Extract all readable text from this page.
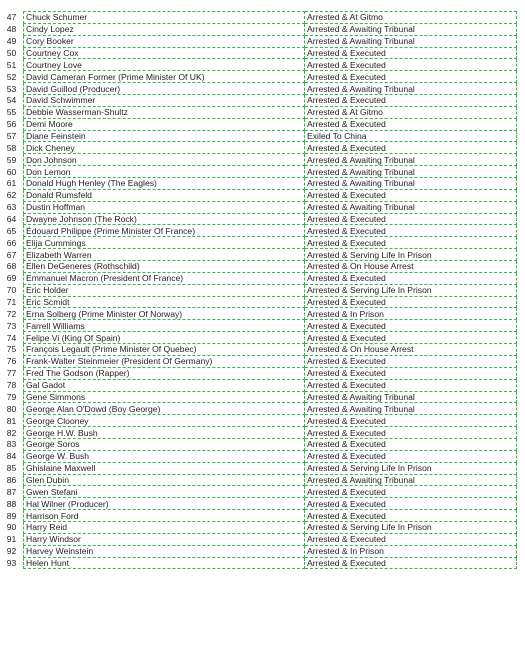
47	Chuck Schumer	Arrested & At Gitmo
48	Cindy Lopez	Arrested & Awaiting Tribunal
49	Cory Booker	Arrested & Awaiting Tribunal
50	Courtney Cox	Arrested & Executed
51	Courtney Love	Arrested & Executed
52	David Cameran Former (Prime Minister Of UK)	Arrested & Executed
53	David Guillod (Producer)	Arrested & Awaiting Tribunal
54	David Schwimmer	Arrested & Executed
55	Debbie Wasserman-Shultz	Arrested & At Gitmo
56	Demi Moore	Arrested & Executed
57	Diane Feinstein	Exiled To China
58	Dick Cheney	Arrested & Executed
59	Don Johnson	Arrested & Awaiting Tribunal
60	Don Lemon	Arrested & Awaiting Tribunal
61	Donald Hugh Henley (The Eagles)	Arrested & Awaiting Tribunal
62	Donald Rumsfeld	Arrested & Executed
63	Dustin Hoffman	Arrested & Awaiting Tribunal
64	Dwayne Johnson (The Rock)	Arrested & Executed
65	Édouard Philippe (Prime Minister Of France)	Arrested & Executed
66	Elija Cummings	Arrested & Executed
67	Elizabeth Warren	Arrested & Serving Life In Prison
68	Ellen DeGeneres (Rothschild)	Arrested & On House Arrest
69	Emmanuel Macron (President Of France)	Arrested & Executed
70	Eric Holder	Arrested & Serving Life In Prison
71	Eric Scmidt	Arrested & Executed
72	Erna Solberg (Prime Minister Of Norway)	Arrested & In Prison
73	Farrell Williams	Arrested & Executed
74	Felipe Vi (King Of Spain)	Arrested & Executed
75	François Legault (Prime Minister Of Quebec)	Arrested & On House Arrest
76	Frank-Walter Steinmeier (President Of Germany)	Arrested & Executed
77	Fred The Godson (Rapper)	Arrested & Executed
78	Gal Gadot	Arrested & Executed
79	Gene Simmons	Arrested & Awaiting Tribunal
80	George Alan O'Dowd (Boy George)	Arrested & Awaiting Tribunal
81	George Clooney	Arrested & Executed
82	George H.W. Bush	Arrested & Executed
83	George Soros	Arrested & Executed
84	George W. Bush	Arrested & Executed
85	Ghislaine Maxwell	Arrested & Serving Life In Prison
86	Glen Dubin	Arrested & Awaiting Tribunal
87	Gwen Stefani	Arrested & Executed
88	Hal Wilner (Producer)	Arrested & Executed
89	Harrison Ford	Arrested & Executed
90	Harry Reid	Arrested & Serving Life In Prison
91	Harry Windsor	Arrested & Executed
92	Harvey Weinstein	Arrested & In Prison
93	Helen Hunt	Arrested & Executed
